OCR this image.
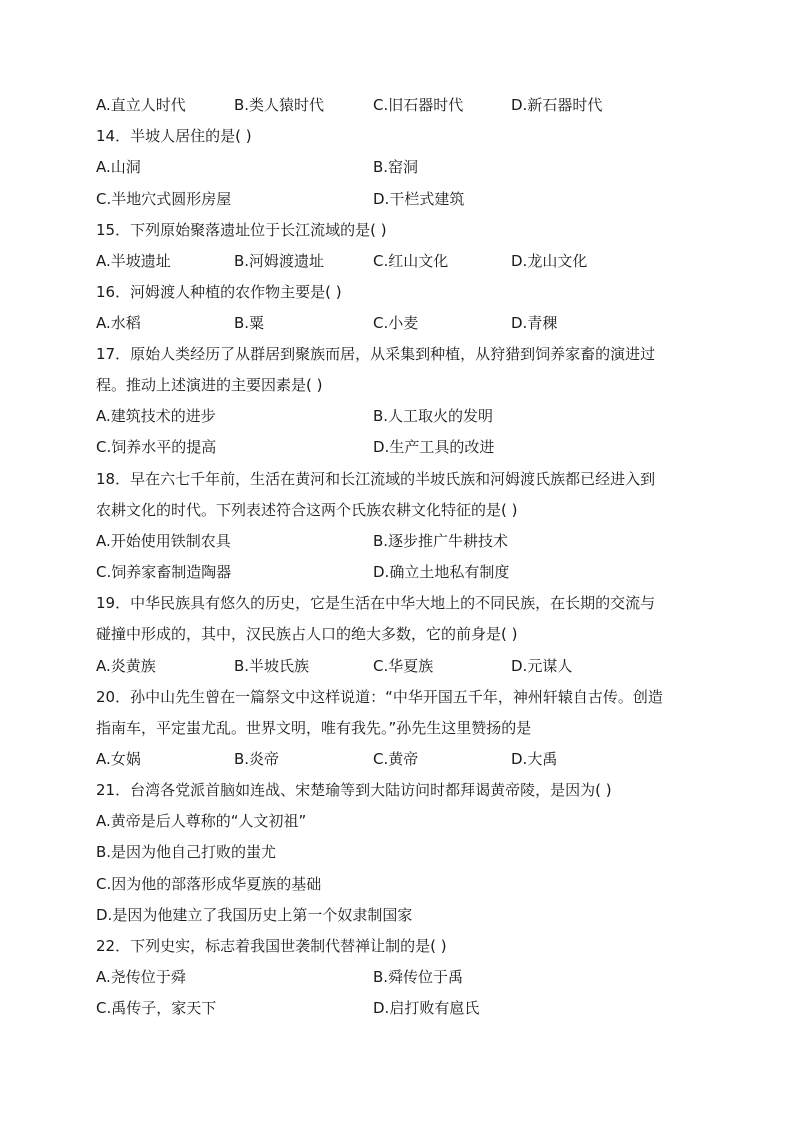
A.直立人时代	B.类人猿时代	C.旧石器时代	D.新石器时代
14．半坡人居住的是( )
A.山洞	B.窑洞
C.半地穴式圆形房屋	D.干栏式建筑
15．下列原始聚落遗址位于长江流域的是( )
A.半坡遗址	B.河姆渡遗址	C.红山文化	D.龙山文化
16．河姆渡人种植的农作物主要是( )
A.水稻	B.粟	C.小麦	D.青稞
17．原始人类经历了从群居到聚族而居，从采集到种植，从狩猎到饲养家畜的演进过
程。推动上述演进的主要因素是( )
A.建筑技术的进步	B.人工取火的发明
C.饲养水平的提高	D.生产工具的改进
18．早在六七千年前，生活在黄河和长江流域的半坡氏族和河姆渡氏族都已经进入到
农耕文化的时代。下列表述符合这两个氏族农耕文化特征的是( )
A.开始使用铁制农具	B.逐步推广牛耕技术
C.饲养家畜制造陶器	D.确立土地私有制度
19．中华民族具有悠久的历史，它是生活在中华大地上的不同民族，在长期的交流与
碰撞中形成的，其中，汉民族占人口的绝大多数，它的前身是( )
A.炎黄族	B.半坡氏族	C.华夏族	D.元谋人
20．孙中山先生曾在一篇祭文中这样说道：“中华开国五千年，神州轩辕自古传。创造
指南车，平定蚩尤乱。世界文明，唯有我先。”孙先生这里赞扬的是
A.女娲	B.炎帝	C.黄帝	D.大禹
21．台湾各党派首脑如连战、宋楚瑜等到大陆访问时都拜谒黄帝陵，是因为( )
A.黄帝是后人尊称的“人文初祖”
B.是因为他自己打败的蚩尤
C.因为他的部落形成华夏族的基础
D.是因为他建立了我国历史上第一个奴隶制国家
22．下列史实，标志着我国世袭制代替禅让制的是( )
A.尧传位于舜	B.舜传位于禹
C.禹传子，家天下	D.启打败有扈氏
